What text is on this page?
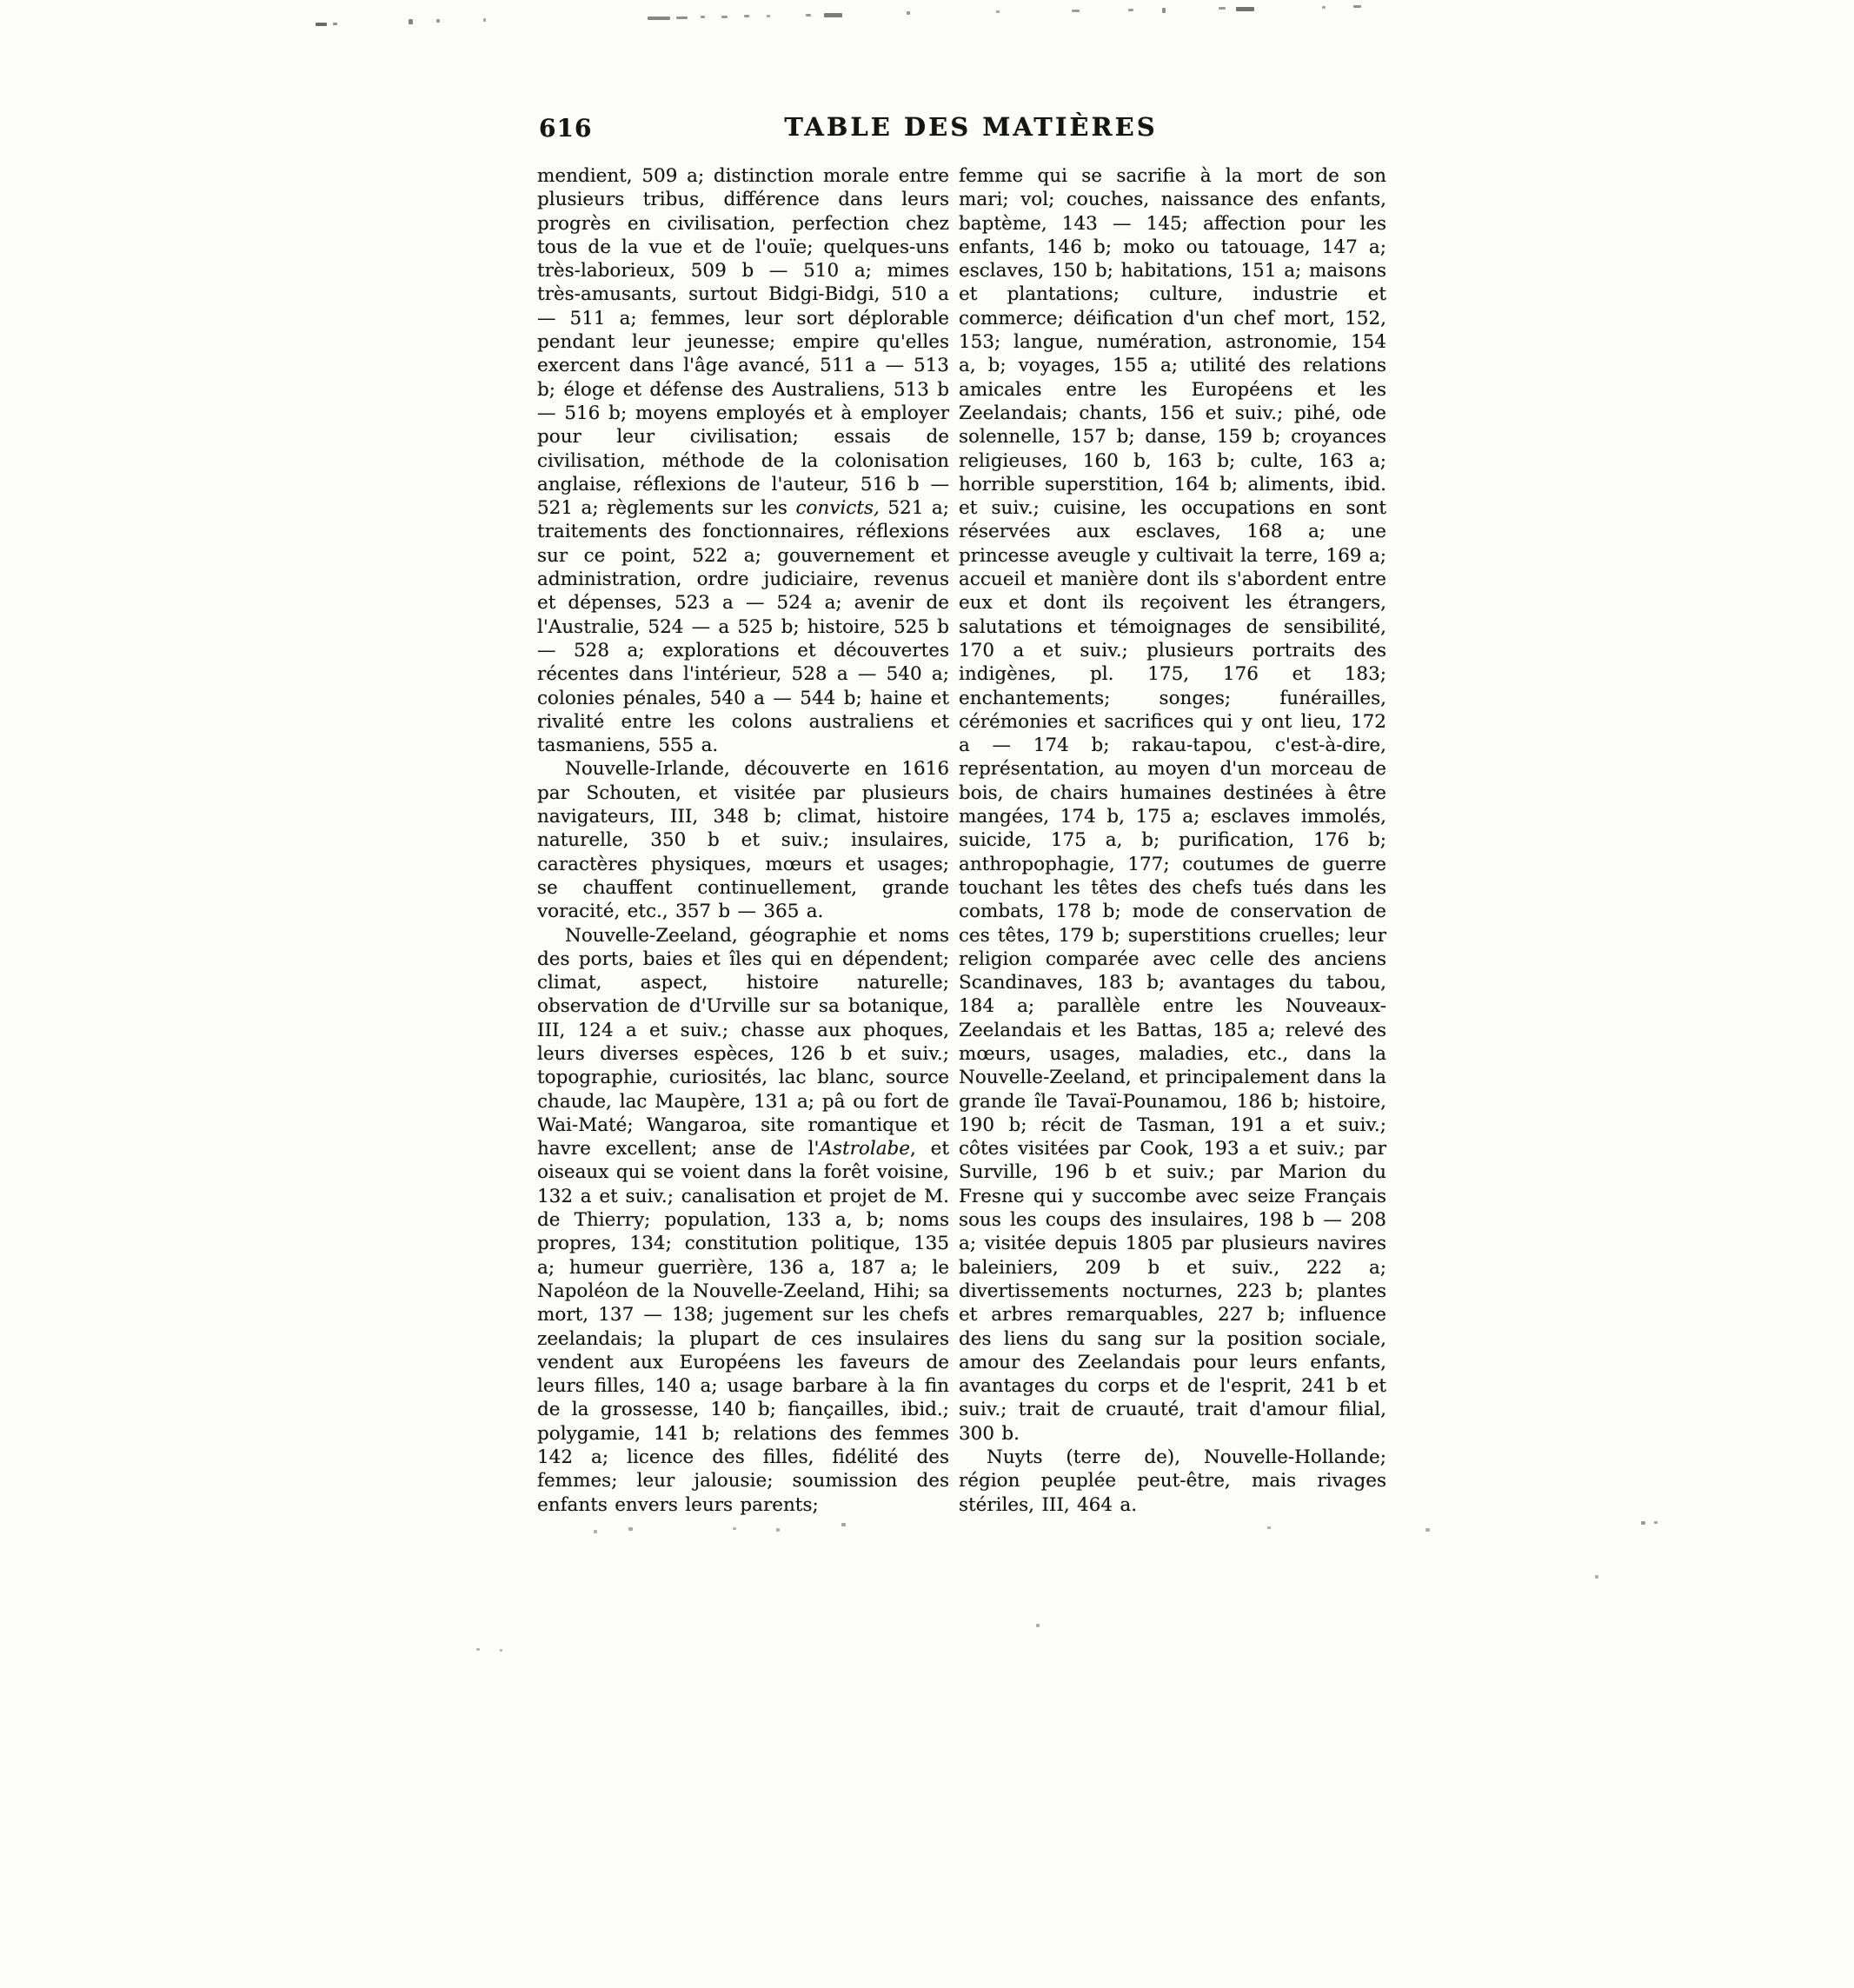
616	TABLE DES MATIÈRES

mendient, 509 a; distinction morale entre plusieurs tribus, différence dans leurs progrès en civilisation, perfection chez tous de la vue et de l'ouïe; quelques-uns très-laborieux, 509 b — 510 a; mimes très-amusants, surtout Bidgi-Bidgi, 510 a — 511 a; femmes, leur sort déplorable pendant leur jeunesse; empire qu'elles exercent dans l'âge avancé, 511 a — 513 b; éloge et défense des Australiens, 513 b — 516 b; moyens employés et à employer pour leur civilisation; essais de civilisation, méthode de la colonisation anglaise, réflexions de l'auteur, 516 b — 521 a; règlements sur les convicts, 521 a; traitements des fonctionnaires, réflexions sur ce point, 522 a; gouvernement et administration, ordre judiciaire, revenus et dépenses, 523 a — 524 a; avenir de l'Australie, 524 — a 525 b; histoire, 525 b — 528 a; explorations et découvertes récentes dans l'intérieur, 528 a — 540 a; colonies pénales, 540 a — 544 b; haine et rivalité entre les colons australiens et tasmaniens, 555 a.

Nouvelle-Irlande, découverte en 1616 par Schouten, et visitée par plusieurs navigateurs, III, 348 b; climat, histoire naturelle, 350 b et suiv.; insulaires, caractères physiques, mœurs et usages; se chauffent continuellement, grande voracité, etc., 357 b — 365 a.

Nouvelle-Zeeland, géographie et noms des ports, baies et îles qui en dépendent; climat, aspect, histoire naturelle; observation de d'Urville sur sa botanique, III, 124 a et suiv.; chasse aux phoques, leurs diverses espèces, 126 b et suiv.; topographie, curiosités, lac blanc, source chaude, lac Maupère, 131 a; pâ ou fort de Wai-Maté; Wangaroa, site romantique et havre excellent; anse de l'Astrolabe, et oiseaux qui se voient dans la forêt voisine, 132 a et suiv.; canalisation et projet de M. de Thierry; population, 133 a, b; noms propres, 134; constitution politique, 135 a; humeur guerrière, 136 a, 187 a; le Napoléon de la Nouvelle-Zeeland, Hihi; sa mort, 137 — 138; jugement sur les chefs zeelandais; la plupart de ces insulaires vendent aux Européens les faveurs de leurs filles, 140 a; usage barbare à la fin de la grossesse, 140 b; fiançailles, ibid.; polygamie, 141 b; relations des femmes 142 a; licence des filles, fidélité des femmes; leur jalousie; soumission des enfants envers leurs parents;

femme qui se sacrifie à la mort de son mari; vol; couches, naissance des enfants, baptème, 143 — 145; affection pour les enfants, 146 b; moko ou tatouage, 147 a; esclaves, 150 b; habitations, 151 a; maisons et plantations; culture, industrie et commerce; déification d'un chef mort, 152, 153; langue, numération, astronomie, 154 a, b; voyages, 155 a; utilité des relations amicales entre les Européens et les Zeelandais; chants, 156 et suiv.; pihé, ode solennelle, 157 b; danse, 159 b; croyances religieuses, 160 b, 163 b; culte, 163 a; horrible superstition, 164 b; aliments, ibid. et suiv.; cuisine, les occupations en sont réservées aux esclaves, 168 a; une princesse aveugle y cultivait la terre, 169 a; accueil et manière dont ils s'abordent entre eux et dont ils reçoivent les étrangers, salutations et témoignages de sensibilité, 170 a et suiv.; plusieurs portraits des indigènes, pl. 175, 176 et 183; enchantements; songes; funérailles, cérémonies et sacrifices qui y ont lieu, 172 a — 174 b; rakau-tapou, c'est-à-dire, représentation, au moyen d'un morceau de bois, de chairs humaines destinées à être mangées, 174 b, 175 a; esclaves immolés, suicide, 175 a, b; purification, 176 b; anthropophagie, 177; coutumes de guerre touchant les têtes des chefs tués dans les combats, 178 b; mode de conservation de ces têtes, 179 b; superstitions cruelles; leur religion comparée avec celle des anciens Scandinaves, 183 b; avantages du tabou, 184 a; parallèle entre les Nouveaux-Zeelandais et les Battas, 185 a; relevé des mœurs, usages, maladies, etc., dans la Nouvelle-Zeeland, et principalement dans la grande île Tavaï-Pounamou, 186 b; histoire, 190 b; récit de Tasman, 191 a et suiv.; côtes visitées par Cook, 193 a et suiv.; par Surville, 196 b et suiv.; par Marion du Fresne qui y succombe avec seize Français sous les coups des insulaires, 198 b — 208 a; visitée depuis 1805 par plusieurs navires baleiniers, 209 b et suiv., 222 a; divertissements nocturnes, 223 b; plantes et arbres remarquables, 227 b; influence des liens du sang sur la position sociale, amour des Zeelandais pour leurs enfants, avantages du corps et de l'esprit, 241 b et suiv.; trait de cruauté, trait d'amour filial, 300 b.

Nuyts (terre de), Nouvelle-Hollande; région peuplée peut-être, mais rivages stériles, III, 464 a.
